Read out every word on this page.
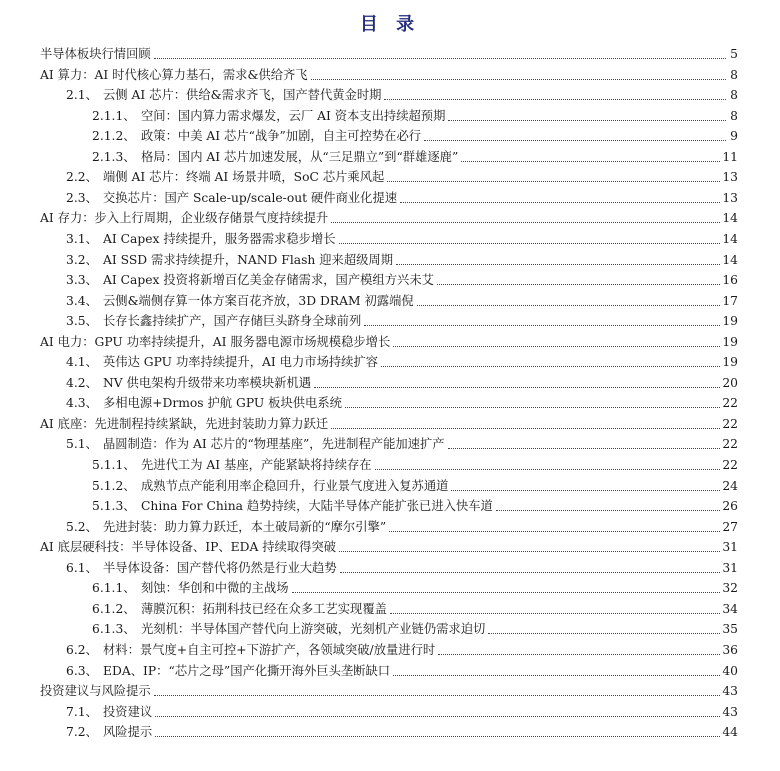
目 录
半导体板块行情回顾	5
AI 算力：AI 时代核心算力基石，需求&供给齐飞	8
2.1、 云侧 AI 芯片：供给&需求齐飞，国产替代黄金时期	8
2.1.1、 空间：国内算力需求爆发，云厂 AI 资本支出持续超预期	8
2.1.2、 政策：中美 AI 芯片“战争”加剧，自主可控势在必行	9
2.1.3、 格局：国内 AI 芯片加速发展，从“三足鼎立”到“群雄逐鹿”	11
2.2、 端侧 AI 芯片：终端 AI 场景井喷，SoC 芯片乘风起	13
2.3、 交换芯片：国产 Scale-up/scale-out 硬件商业化提速	13
AI 存力：步入上行周期，企业级存储景气度持续提升	14
3.1、 AI Capex 持续提升，服务器需求稳步增长	14
3.2、 AI SSD 需求持续提升，NAND Flash 迎来超级周期	14
3.3、 AI Capex 投资将新增百亿美金存储需求，国产模组方兴未艾	16
3.4、 云侧&端侧存算一体方案百花齐放，3D DRAM 初露端倪	17
3.5、 长存长鑫持续扩产，国产存储巨头跻身全球前列	19
AI 电力：GPU 功率持续提升，AI 服务器电源市场规模稳步增长	19
4.1、 英伟达 GPU 功率持续提升，AI 电力市场持续扩容	19
4.2、 NV 供电架构升级带来功率模块新机遇	20
4.3、 多相电源+Drmos 护航 GPU 板块供电系统	22
AI 底座：先进制程持续紧缺，先进封装助力算力跃迁	22
5.1、 晶圆制造：作为 AI 芯片的“物理基座”，先进制程产能加速扩产	22
5.1.1、 先进代工为 AI 基座，产能紧缺将持续存在	22
5.1.2、 成熟节点产能利用率企稳回升，行业景气度进入复苏通道	24
5.1.3、 China For China 趋势持续，大陆半导体产能扩张已进入快车道	26
5.2、 先进封装：助力算力跃迁，本土破局新的“摩尔引擎”	27
AI 底层硬科技：半导体设备、IP、EDA 持续取得突破	31
6.1、 半导体设备：国产替代将仍然是行业大趋势	31
6.1.1、 刻蚀：华创和中微的主战场	32
6.1.2、 薄膜沉积：拓荆科技已经在众多工艺实现覆盖	34
6.1.3、 光刻机：半导体国产替代向上游突破，光刻机产业链仍需求迫切	35
6.2、 材料：景气度+自主可控+下游扩产，各领域突破/放量进行时	36
6.3、 EDA、IP：“芯片之母”国产化撕开海外巨头垄断缺口	40
投资建议与风险提示	43
7.1、 投资建议	43
7.2、 风险提示	44
